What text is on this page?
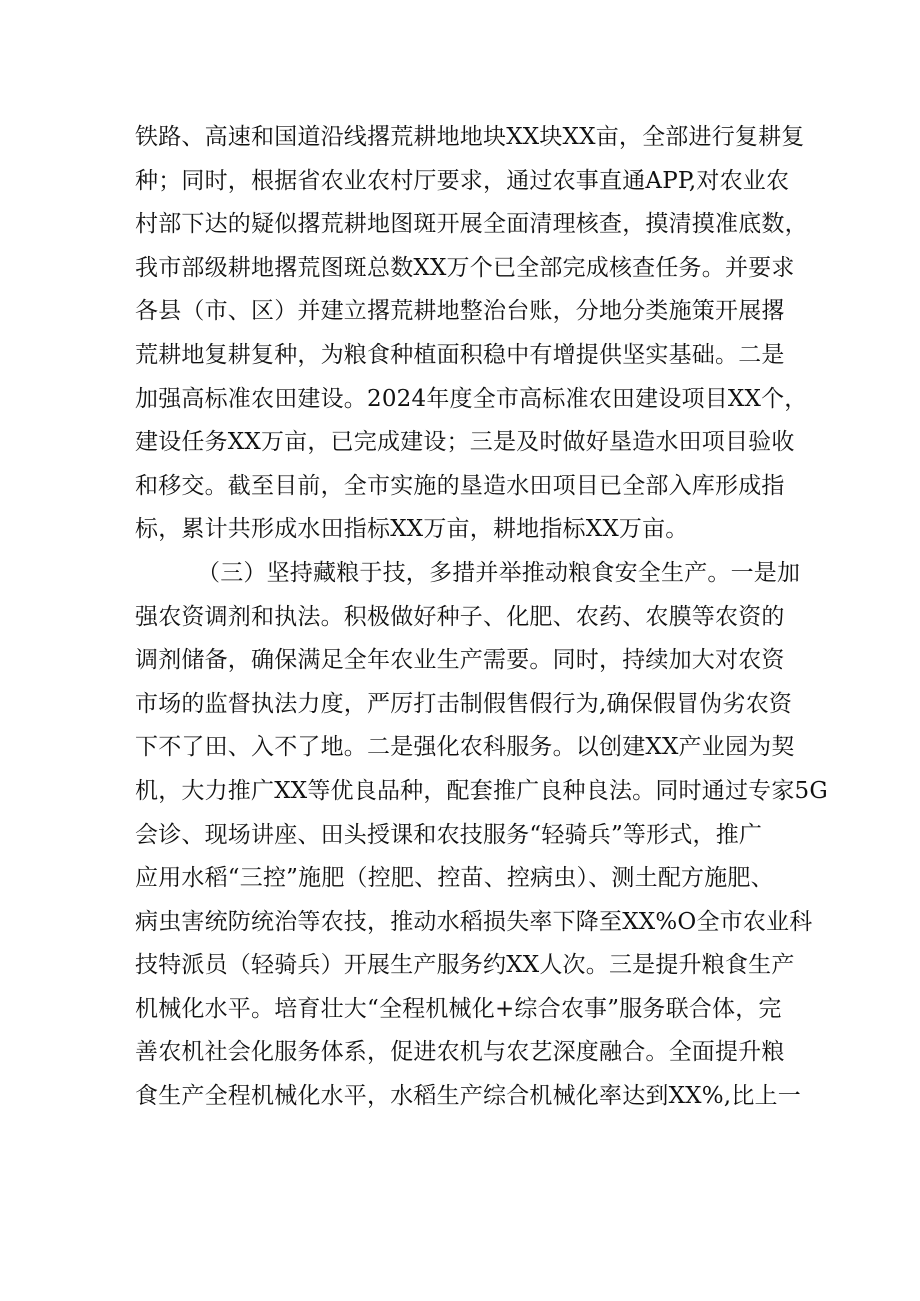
铁路、高速和国道沿线撂荒耕地地块XX块XX亩，全部进行复耕复
种；同时，根据省农业农村厅要求，通过农事直通APP,对农业农
村部下达的疑似撂荒耕地图斑开展全面清理核查，摸清摸准底数，
我市部级耕地撂荒图斑总数XX万个已全部完成核查任务。并要求
各县（市、区）并建立撂荒耕地整治台账，分地分类施策开展撂
荒耕地复耕复种，为粮食种植面积稳中有增提供坚实基础。二是
加强高标准农田建设。2024年度全市高标准农田建设项目XX个，
建设任务XX万亩，已完成建设；三是及时做好垦造水田项目验收
和移交。截至目前，全市实施的垦造水田项目已全部入库形成指
标，累计共形成水田指标XX万亩，耕地指标XX万亩。
（三）坚持藏粮于技，多措并举推动粮食安全生产。一是加
强农资调剂和执法。积极做好种子、化肥、农药、农膜等农资的
调剂储备，确保满足全年农业生产需要。同时，持续加大对农资
市场的监督执法力度，严厉打击制假售假行为,确保假冒伪劣农资
下不了田、入不了地。二是强化农科服务。以创建XX产业园为契
机，大力推广XX等优良品种，配套推广良种良法。同时通过专家5G
会诊、现场讲座、田头授课和农技服务“轻骑兵”等形式，推广
应用水稻“三控”施肥（控肥、控苗、控病虫）、测土配方施肥、
病虫害统防统治等农技，推动水稻损失率下降至XX%O全市农业科
技特派员（轻骑兵）开展生产服务约XX人次。三是提升粮食生产
机械化水平。培育壮大“全程机械化+综合农事”服务联合体，完
善农机社会化服务体系，促进农机与农艺深度融合。全面提升粮
食生产全程机械化水平，水稻生产综合机械化率达到XX%,比上一
